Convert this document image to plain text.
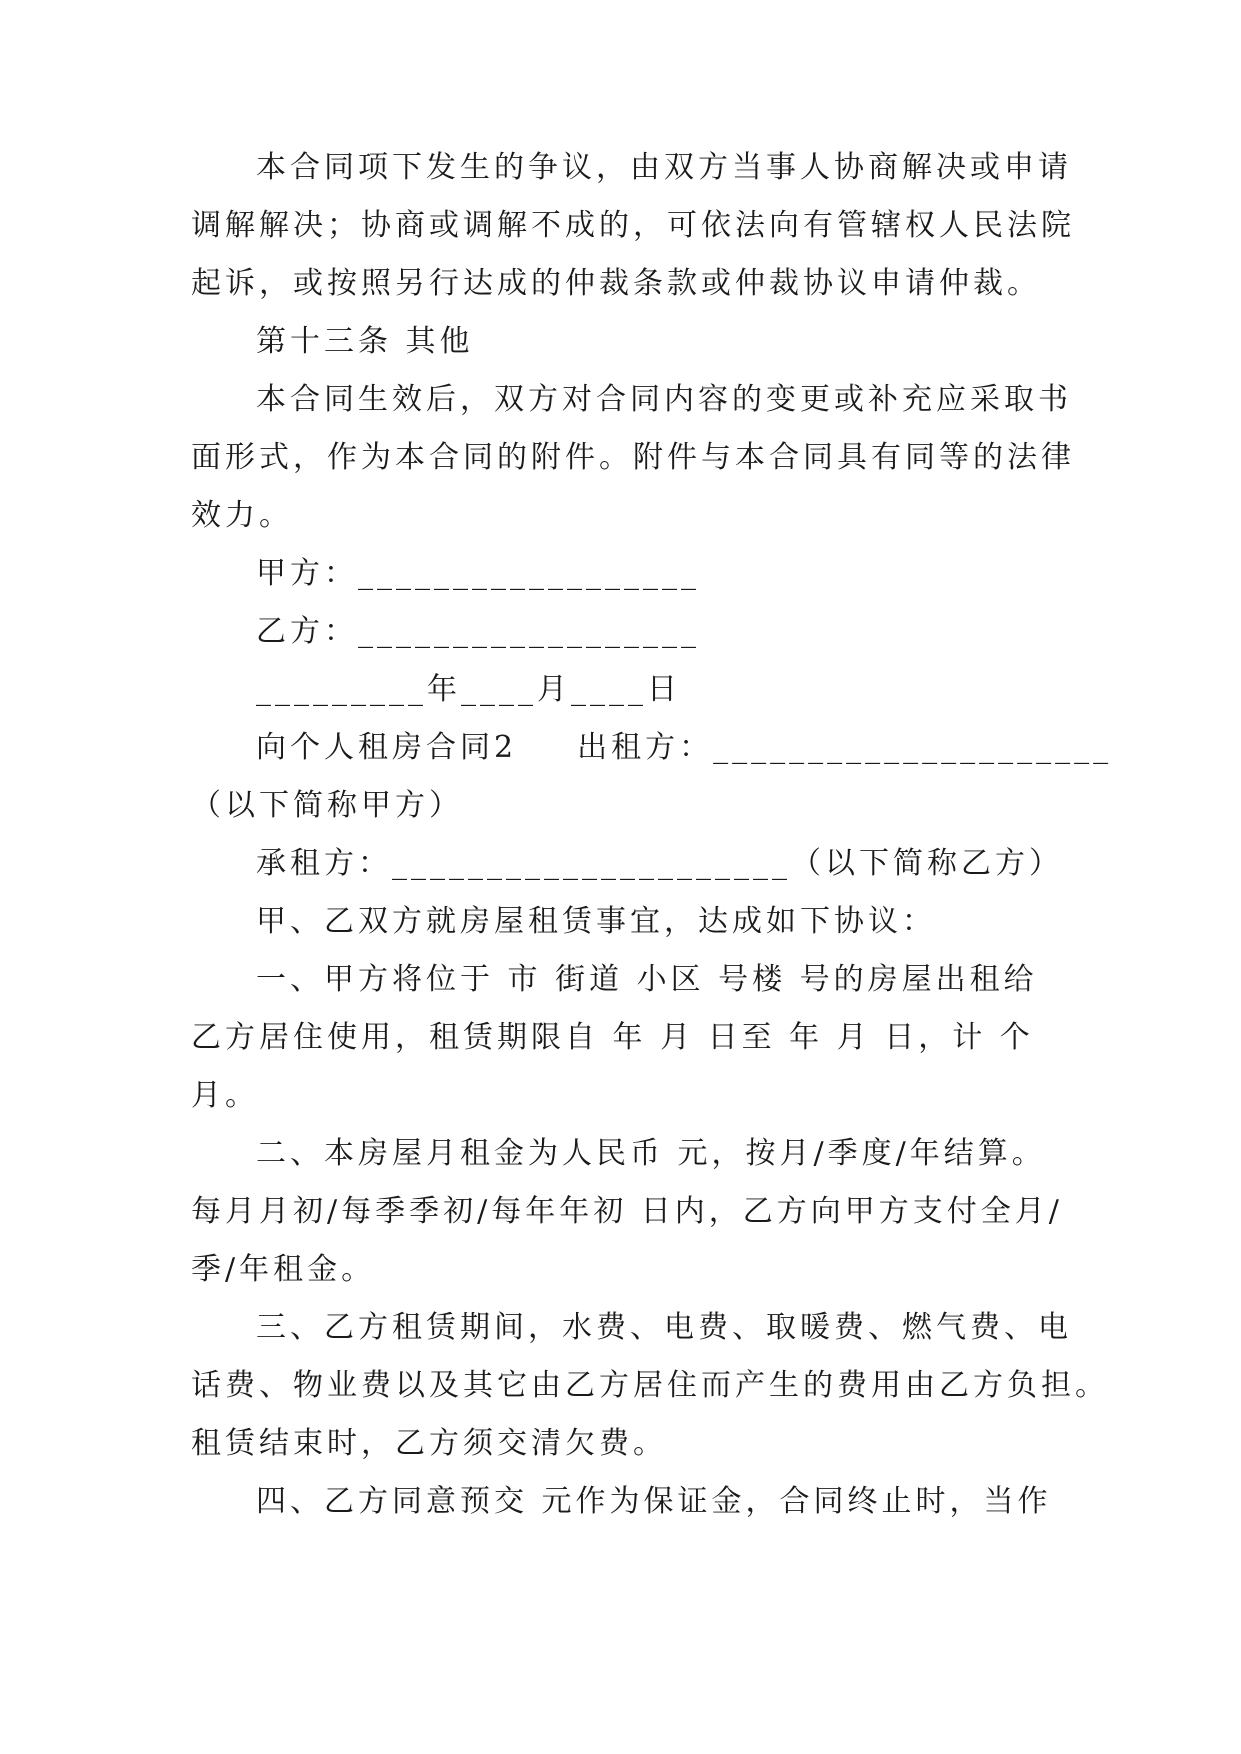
本合同项下发生的争议，由双方当事人协商解决或申请
调解解决；协商或调解不成的，可依法向有管辖权人民法院
起诉，或按照另行达成的仲裁条款或仲裁协议申请仲裁。
第十三条 其他
本合同生效后，双方对合同内容的变更或补充应采取书
面形式，作为本合同的附件。附件与本合同具有同等的法律
效力。
甲方：__________________
乙方：__________________
_________年____月____日
向个人租房合同2 出租方：_____________________
（以下简称甲方）
承租方：_____________________（以下简称乙方）
甲、乙双方就房屋租赁事宜，达成如下协议：
一、甲方将位于 市 街道 小区 号楼 号的房屋出租给
乙方居住使用，租赁期限自 年 月 日至 年 月 日，计 个
月。
二、本房屋月租金为人民币 元，按月/季度/年结算。
每月月初/每季季初/每年年初 日内，乙方向甲方支付全月/
季/年租金。
三、乙方租赁期间，水费、电费、取暖费、燃气费、电
话费、物业费以及其它由乙方居住而产生的费用由乙方负担。
租赁结束时，乙方须交清欠费。
四、乙方同意预交 元作为保证金，合同终止时，当作
